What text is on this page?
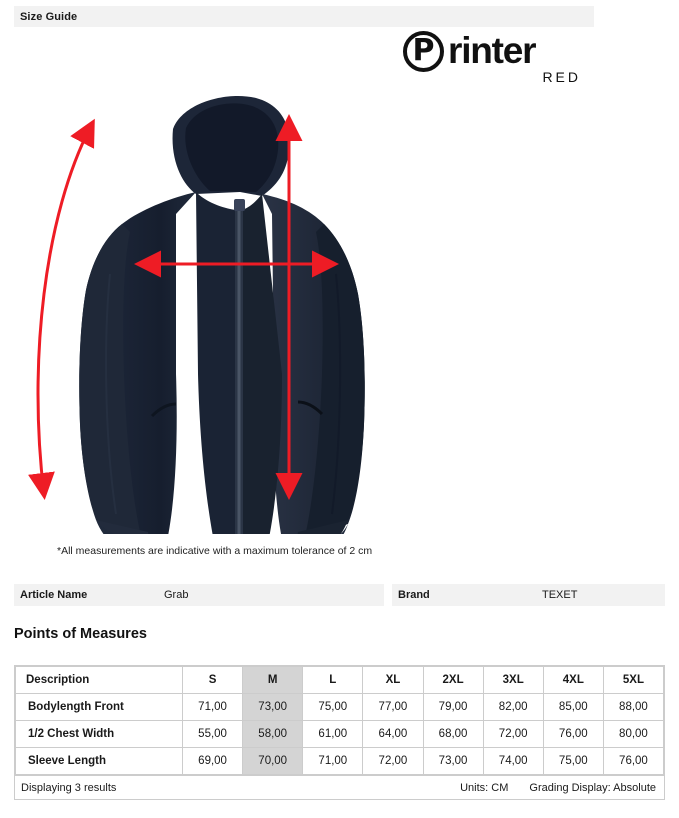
Size Guide
P rinter
RED
*All measurements are indicative with a maximum tolerance of 2 cm
Article Name	Grab	Brand	TEXET
Points of Measures
Description	S	M	L	XL	2XL	3XL	4XL	5XL
Bodylength Front	71,00	73,00	75,00	77,00	79,00	82,00	85,00	88,00
1/2 Chest Width	55,00	58,00	61,00	64,00	68,00	72,00	76,00	80,00
Sleeve Length	69,00	70,00	71,00	72,00	73,00	74,00	75,00	76,00
Displaying 3 results	Units: CM Grading Display: Absolute
